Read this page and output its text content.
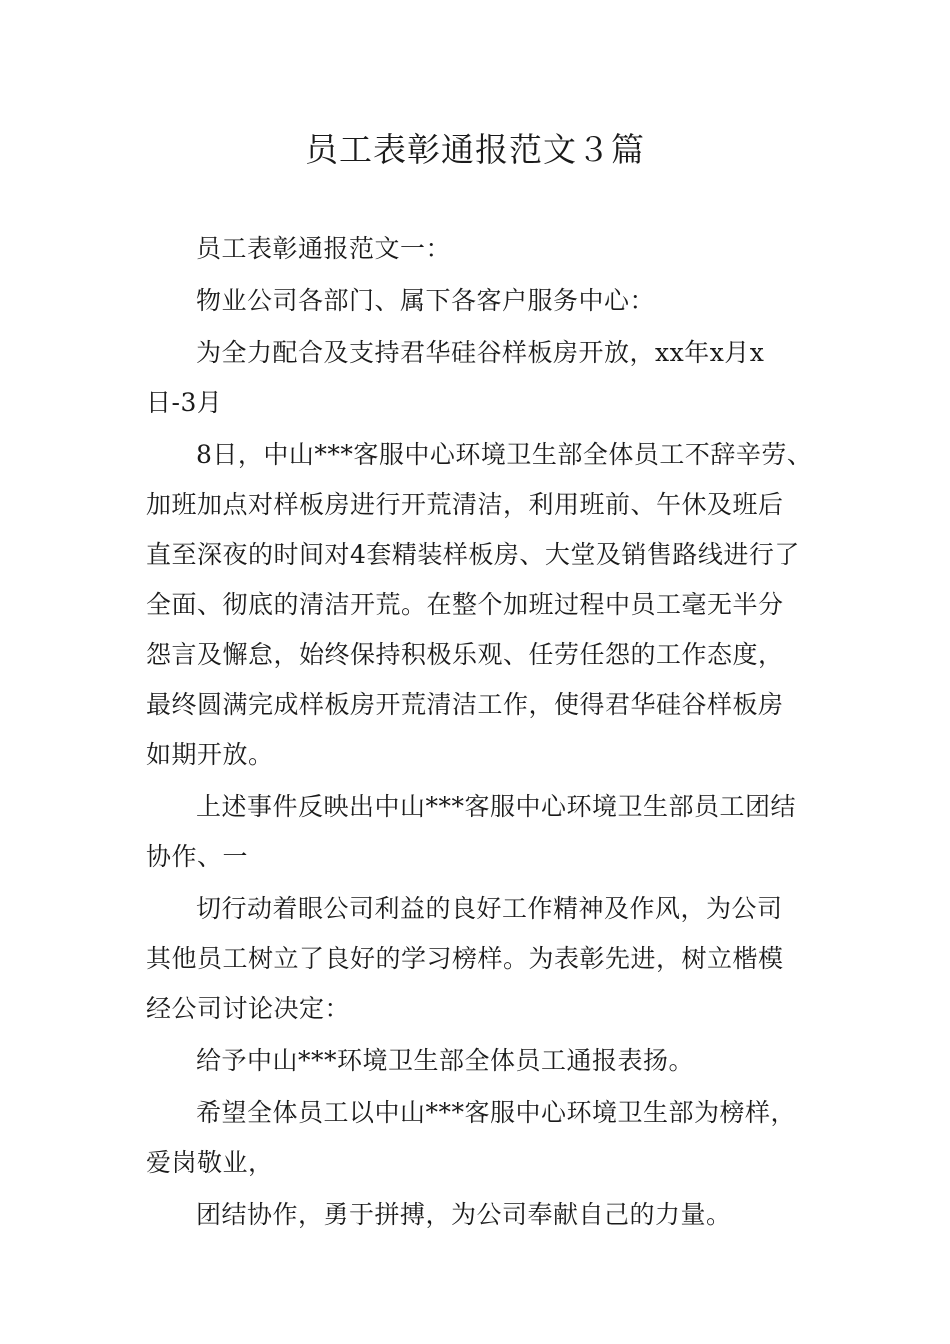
员工表彰通报范文３篇
员工表彰通报范文一：
物业公司各部门、属下各客户服务中心：
为全力配合及支持君华硅谷样板房开放，xx年x月x
日-3月
8日，中山***客服中心环境卫生部全体员工不辞辛劳、
加班加点对样板房进行开荒清洁，利用班前、午休及班后
直至深夜的时间对4套精装样板房、大堂及销售路线进行了
全面、彻底的清洁开荒。在整个加班过程中员工毫无半分
怨言及懈怠，始终保持积极乐观、任劳任怨的工作态度，
最终圆满完成样板房开荒清洁工作，使得君华硅谷样板房
如期开放。
上述事件反映出中山***客服中心环境卫生部员工团结
协作、一
切行动着眼公司利益的良好工作精神及作风，为公司
其他员工树立了良好的学习榜样。为表彰先进，树立楷模
经公司讨论决定：
给予中山***环境卫生部全体员工通报表扬。
希望全体员工以中山***客服中心环境卫生部为榜样，
爱岗敬业，
团结协作，勇于拼搏，为公司奉献自己的力量。
